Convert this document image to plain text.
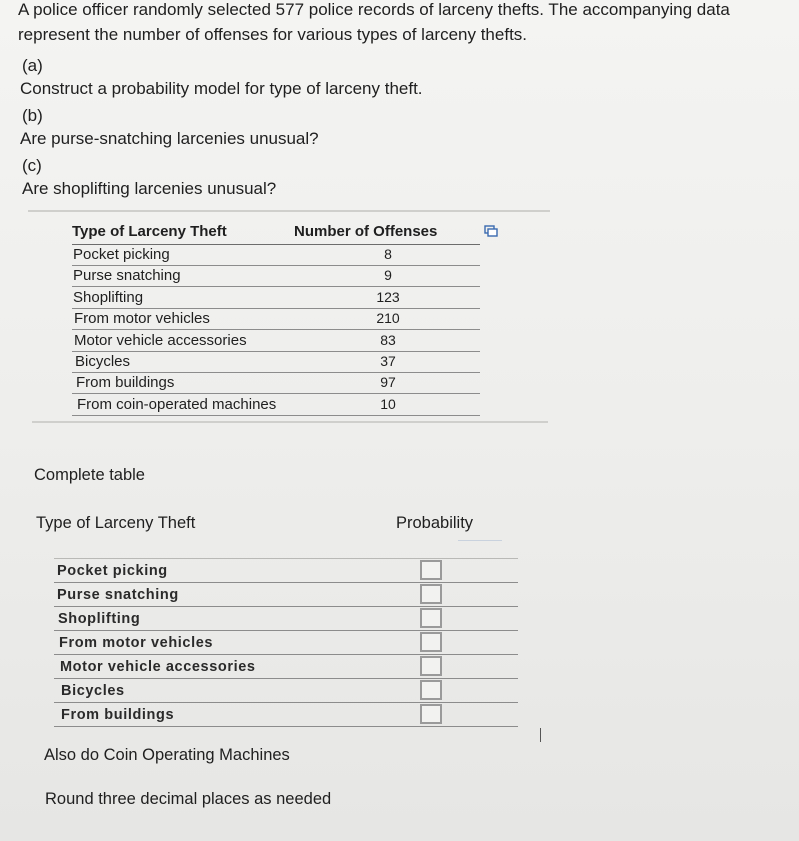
A police officer randomly selected 577 police records of larceny thefts. The accompanying data
represent the number of offenses for various types of larceny thefts.
(a)
Construct a probability model for type of larceny theft.
(b)
Are purse-snatching larcenies unusual?
(c)
Are shoplifting larcenies unusual?
Type of Larceny Theft	Number of Offenses
Pocket picking	8
Purse snatching	9
Shoplifting	123
From motor vehicles	210
Motor vehicle accessories	83
Bicycles	37
From buildings	97
From coin-operated machines	10
Complete table
Type of Larceny Theft	Probability
Pocket picking
Purse snatching
Shoplifting
From motor vehicles
Motor vehicle accessories
Bicycles
From buildings
Also do Coin Operating Machines
Round three decimal places as needed
